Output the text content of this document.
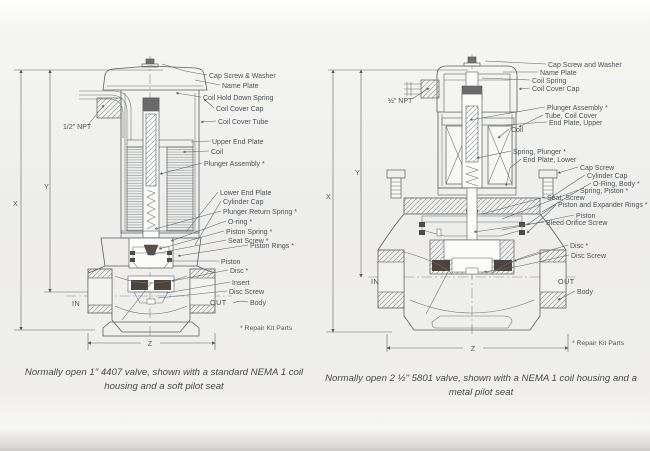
X
Y
Z
Cap Screw & Washer
Name Plate
Coil Hold Down Spring
Coil Cover Cap
Coil Cover Tube
Upper End Plate
Coil
Plunger Assembly *
Lower End Plate
Cylinder Cap
Plunger Return Spring *
O-ring *
Piston Spring *
Seat Screw *
Piston Rings *
Piston
Disc *
Insert
Disc Screw
Body
1/2" NPT
IN	OUT
* Repair Kit Parts
X
Y
Z
Cap Screw and Washer
Name Plate
Coil Spring
Coil Cover Cap
½" NPT
Plunger Assembly *
Tube, Coil Cover
End Plate, Upper
Coil
Spring, Plunger *
End Plate, Lower
Cap Screw
Cylinder Cap
O-Ring, Body *
Spring, Piston *
Seat, Screw
Piston and Expander Rings *
Piston
Bleed Orifice Screw
Disc *
Disc Screw
Body
IN	OUT
* Repair Kit Parts
Normally open 1" 4407 valve, shown with a standard NEMA 1 coil housing and a soft pilot seat
Normally open 2 ½" 5801 valve, shown with a NEMA 1 coil housing and a metal pilot seat
